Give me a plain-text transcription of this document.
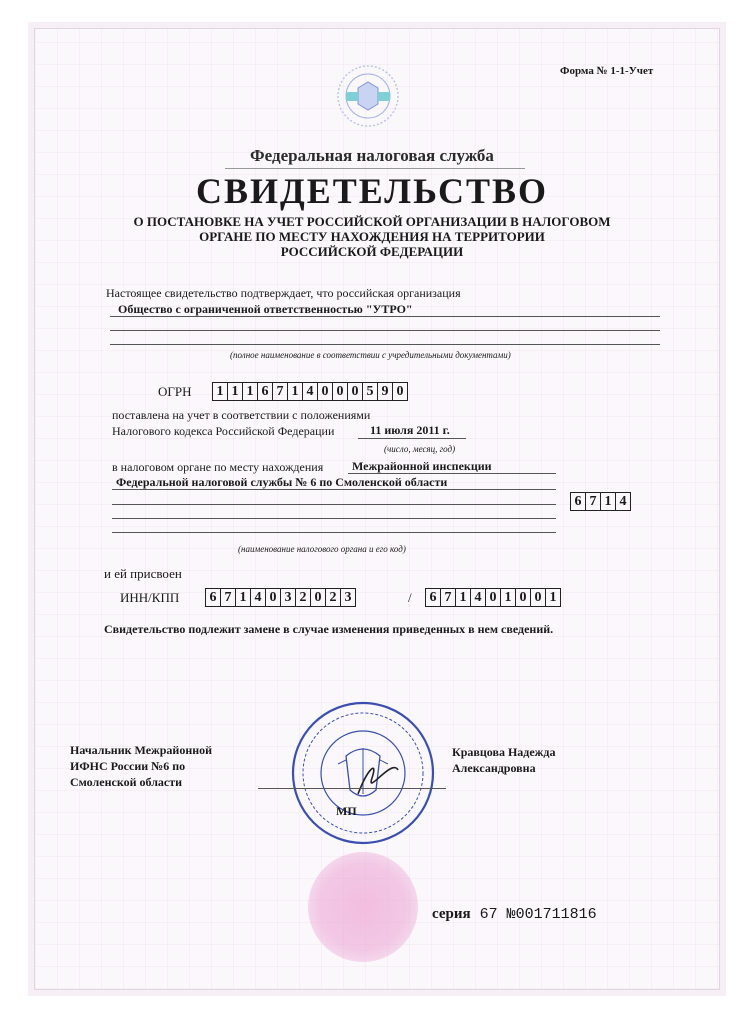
Форма № 1-1-Учет
Федеральная налоговая служба
СВИДЕТЕЛЬСТВО
О ПОСТАНОВКЕ НА УЧЕТ РОССИЙСКОЙ ОРГАНИЗАЦИИ В НАЛОГОВОМ
ОРГАНЕ ПО МЕСТУ НАХОЖДЕНИЯ НА ТЕРРИТОРИИ
РОССИЙСКОЙ ФЕДЕРАЦИИ
Настоящее свидетельство подтверждает, что российская организация
Общество с ограниченной ответственностью "УТРО"
(полное наименование в соответствии с учредительными документами)
ОГРН 1 1 1 6 7 1 4 0 0 0 5 9 0
поставлена на учет в соответствии с положениями
Налогового кодекса Российской Федерации	11 июля 2011 г.
(число, месяц, год)
в налоговом органе по месту нахождения Межрайонной инспекции
Федеральной налоговой службы № 6 по Смоленской области
6 7 1 4
(наименование налогового органа и его код)
и ей присвоен
ИНН/КПП 6 7 1 4 0 3 2 0 2 3	/ 6 7 1 4 0 1 0 0 1
Свидетельство подлежит замене в случае изменения приведенных в нем сведений.
Начальник Межрайонной
ИФНС России №6 по
Смоленской области
МП
Кравцова Надежда
Александровна
серия 67 №001711816
